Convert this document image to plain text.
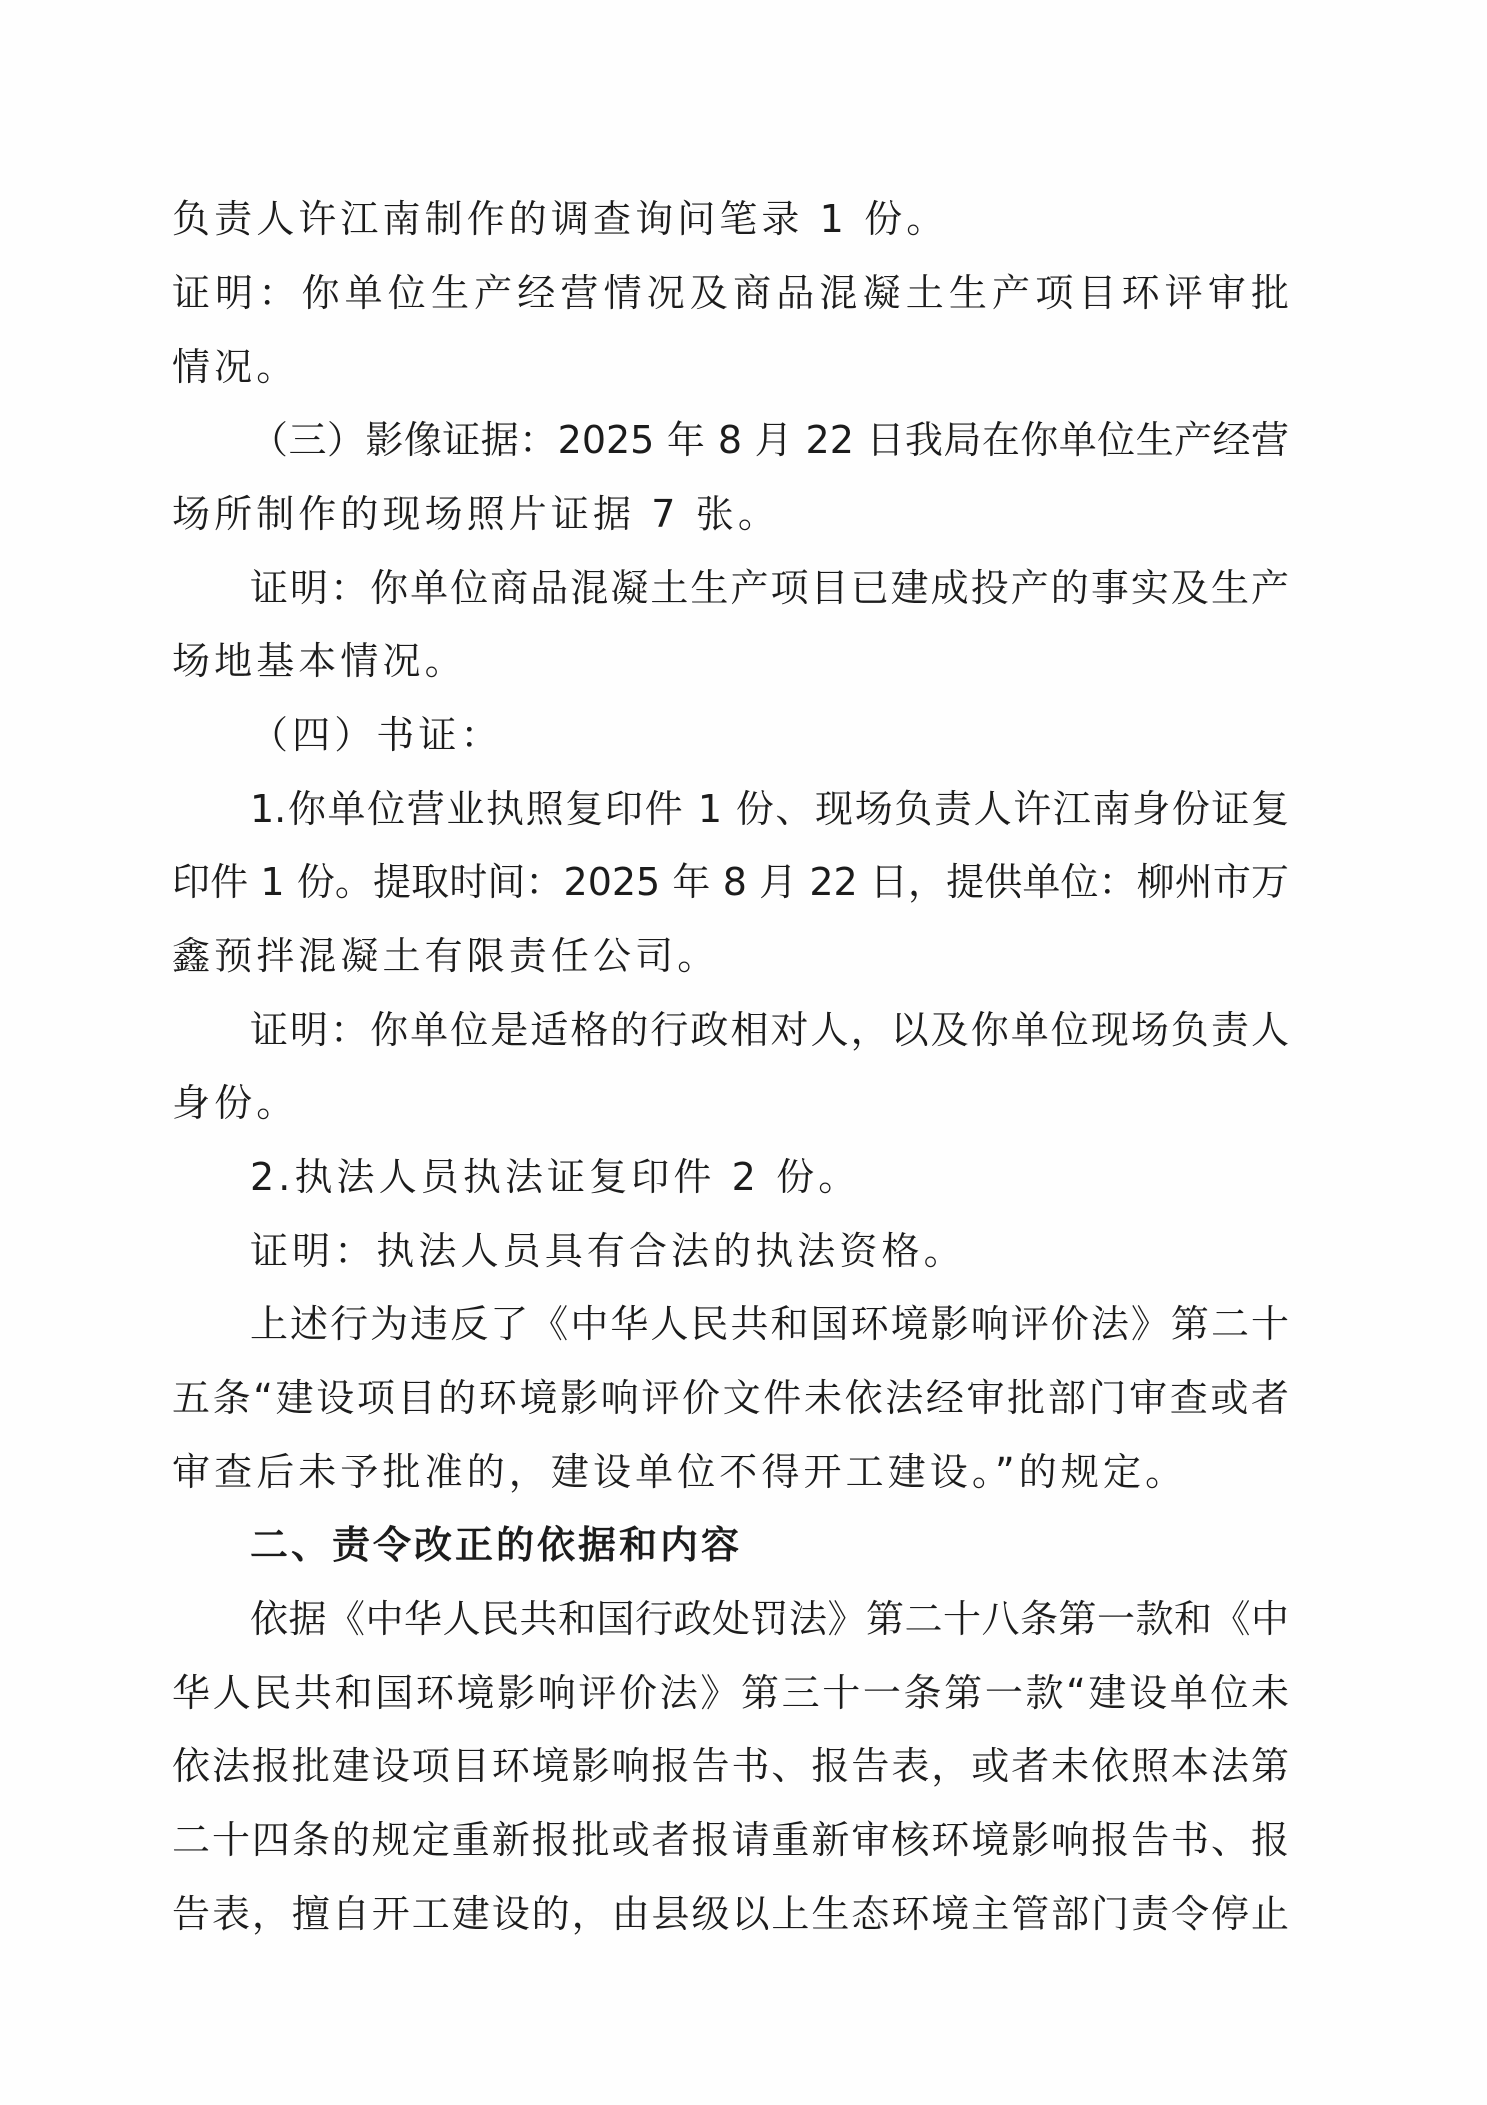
负责人许江南制作的调查询问笔录 1 份。
证明：你单位生产经营情况及商品混凝土生产项目环评审批
情况。
（三）影像证据：2025 年 8 月 22 日我局在你单位生产经营
场所制作的现场照片证据 7 张。
证明：你单位商品混凝土生产项目已建成投产的事实及生产
场地基本情况。
（四）书证：
1.你单位营业执照复印件 1 份、现场负责人许江南身份证复
印件 1 份。提取时间：2025 年 8 月 22 日，提供单位：柳州市万
鑫预拌混凝土有限责任公司。
证明：你单位是适格的行政相对人，以及你单位现场负责人
身份。
2.执法人员执法证复印件 2 份。
证明：执法人员具有合法的执法资格。
上述行为违反了《中华人民共和国环境影响评价法》第二十
五条“建设项目的环境影响评价文件未依法经审批部门审查或者
审查后未予批准的，建设单位不得开工建设。”的规定。
二、责令改正的依据和内容
依据《中华人民共和国行政处罚法》第二十八条第一款和《中
华人民共和国环境影响评价法》第三十一条第一款“建设单位未
依法报批建设项目环境影响报告书、报告表，或者未依照本法第
二十四条的规定重新报批或者报请重新审核环境影响报告书、报
告表，擅自开工建设的，由县级以上生态环境主管部门责令停止
